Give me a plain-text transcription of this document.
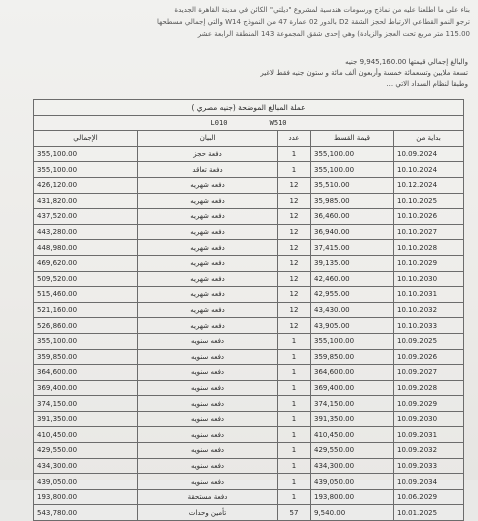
بناء على ما اطلعنا عليه من نماذج ورسومات هندسية لمشروع "ديلتي" الكائن في مدينة القاهرة الجديدة
ترجو النمو القطاعي الارتباط لحجز الشقة D2 بالدور 02 عمارة 47 من النموذج W14 والتي إجمالي مسطحها
115.00 متر مربع تحت العجز والزيادة) وهي إحدى شقق المجموعة 143 المنطقة الرابعة عشر
والبالغ إجمالي قيمتها 9,945,160.00 جنيه
تسعة ملايين وتسعمائة خمسة وأربعون ألف مائة و ستون جنيه فقط لاغير
وطبقا لنظام السداد الاتي ...
عملة المبالغ الموضحة (جنيه مصري )				
L010 W510				
الإجمالي	البيان	عدد	قيمة القسط	بداية من
355,100.00	دفعة حجز	1	355,100.00	10.09.2024
355,100.00	دفعة تعاقد	1	355,100.00	10.10.2024
426,120.00	دفعه شهريه	12	35,510.00	10.12.2024
431,820.00	دفعه شهريه	12	35,985.00	10.10.2025
437,520.00	دفعه شهريه	12	36,460.00	10.10.2026
443,280.00	دفعه شهريه	12	36,940.00	10.10.2027
448,980.00	دفعه شهريه	12	37,415.00	10.10.2028
469,620.00	دفعه شهريه	12	39,135.00	10.10.2029
509,520.00	دفعه شهريه	12	42,460.00	10.10.2030
515,460.00	دفعه شهريه	12	42,955.00	10.10.2031
521,160.00	دفعه شهريه	12	43,430.00	10.10.2032
526,860.00	دفعه شهريه	12	43,905.00	10.10.2033
355,100.00	دفعه سنويه	1	355,100.00	10.09.2025
359,850.00	دفعه سنويه	1	359,850.00	10.09.2026
364,600.00	دفعه سنويه	1	364,600.00	10.09.2027
369,400.00	دفعه سنويه	1	369,400.00	10.09.2028
374,150.00	دفعه سنويه	1	374,150.00	10.09.2029
391,350.00	دفعه سنويه	1	391,350.00	10.09.2030
410,450.00	دفعه سنويه	1	410,450.00	10.09.2031
429,550.00	دفعه سنويه	1	429,550.00	10.09.2032
434,300.00	دفعه سنويه	1	434,300.00	10.09.2033
439,050.00	دفعه سنويه	1	439,050.00	10.09.2034
193,800.00	دفعة مستحقة	1	193,800.00	10.06.2029
543,780.00	تأمين وحدات	57	9,540.00	10.01.2025
